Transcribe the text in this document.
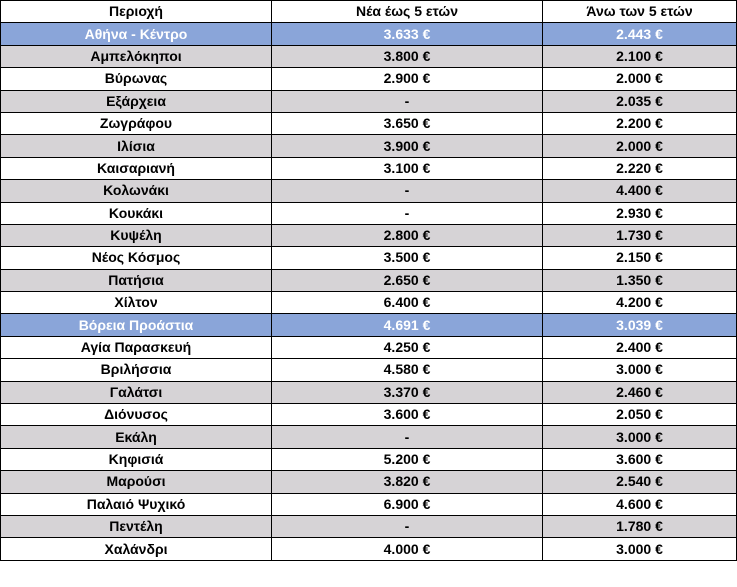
Περιοχή	Νέα έως 5 ετών	Άνω των 5 ετών
Αθήνα - Κέντρο	3.633 €	2.443 €
Αμπελόκηποι	3.800 €	2.100 €
Βύρωνας	2.900 €	2.000 €
Εξάρχεια	-	2.035 €
Ζωγράφου	3.650 €	2.200 €
Ιλίσια	3.900 €	2.000 €
Καισαριανή	3.100 €	2.220 €
Κολωνάκι	-	4.400 €
Κουκάκι	-	2.930 €
Κυψέλη	2.800 €	1.730 €
Νέος Κόσμος	3.500 €	2.150 €
Πατήσια	2.650 €	1.350 €
Χίλτον	6.400 €	4.200 €
Βόρεια Προάστια	4.691 €	3.039 €
Αγία Παρασκευή	4.250 €	2.400 €
Βριλήσσια	4.580 €	3.000 €
Γαλάτσι	3.370 €	2.460 €
Διόνυσος	3.600 €	2.050 €
Εκάλη	-	3.000 €
Κηφισιά	5.200 €	3.600 €
Μαρούσι	3.820 €	2.540 €
Παλαιό Ψυχικό	6.900 €	4.600 €
Πεντέλη	-	1.780 €
Χαλάνδρι	4.000 €	3.000 €
